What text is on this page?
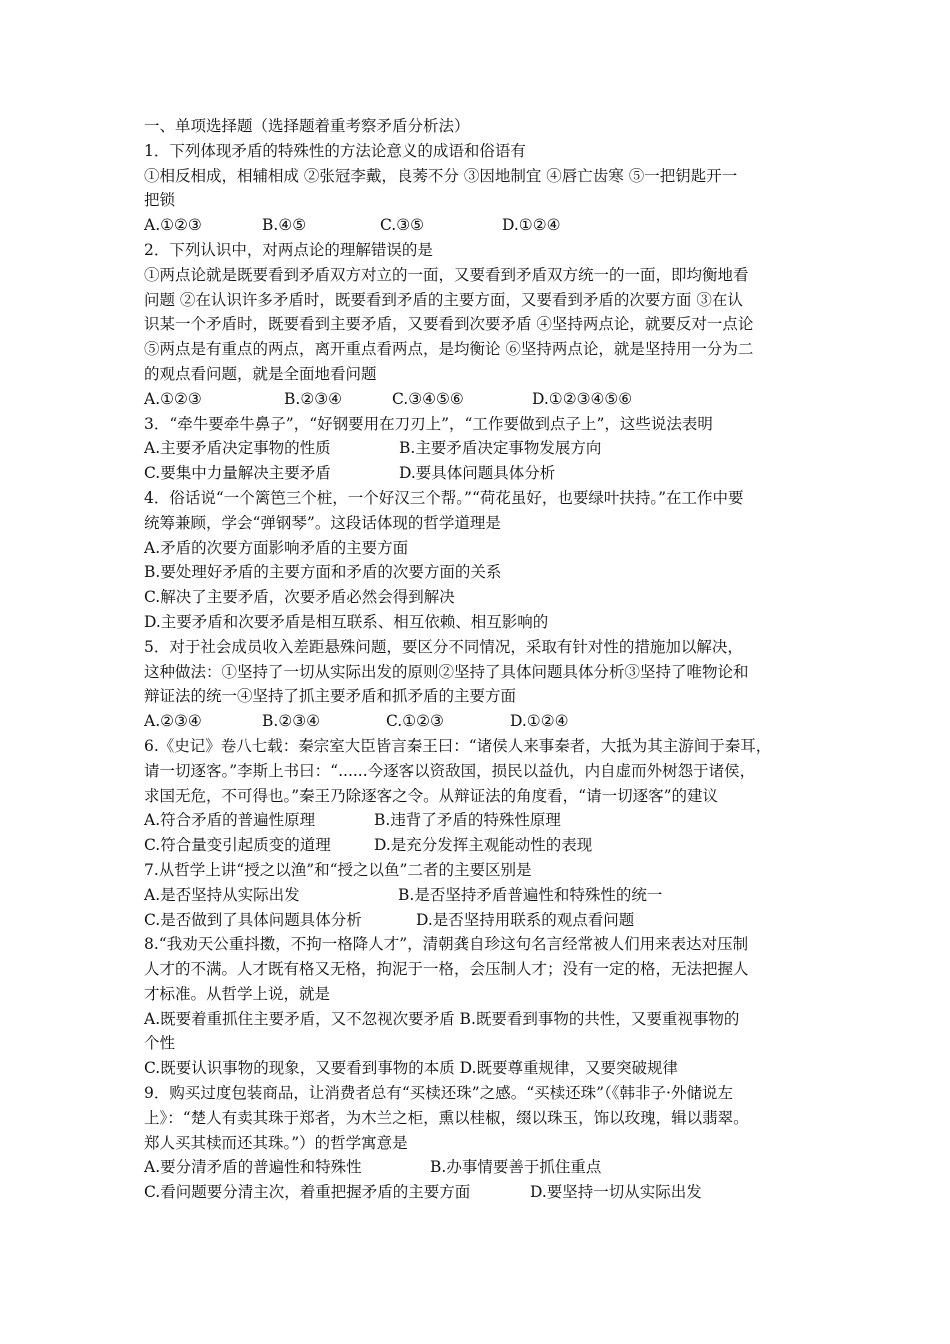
一、单项选择题（选择题着重考察矛盾分析法）
1．下列体现矛盾的特殊性的方法论意义的成语和俗语有
①相反相成，相辅相成 ②张冠李戴，良莠不分 ③因地制宜 ④唇亡齿寒 ⑤一把钥匙开一
把锁
A.①②③	B.④⑤	C.③⑤	D.①②④
2．下列认识中，对两点论的理解错误的是
①两点论就是既要看到矛盾双方对立的一面，又要看到矛盾双方统一的一面，即均衡地看
问题 ②在认识许多矛盾时，既要看到矛盾的主要方面，又要看到矛盾的次要方面 ③在认
识某一个矛盾时，既要看到主要矛盾，又要看到次要矛盾 ④坚持两点论，就要反对一点论
⑤两点是有重点的两点，离开重点看两点，是均衡论 ⑥坚持两点论，就是坚持用一分为二
的观点看问题，就是全面地看问题
A.①②③	B.②③④	C.③④⑤⑥	D.①②③④⑤⑥
3．“牵牛要牵牛鼻子”，“好钢要用在刀刃上”，“工作要做到点子上”，这些说法表明
A.主要矛盾决定事物的性质	B.主要矛盾决定事物发展方向
C.要集中力量解决主要矛盾	D.要具体问题具体分析
4．俗话说“一个篱笆三个桩，一个好汉三个帮。”“荷花虽好，也要绿叶扶持。”在工作中要
统筹兼顾，学会“弹钢琴”。这段话体现的哲学道理是
A.矛盾的次要方面影响矛盾的主要方面
B.要处理好矛盾的主要方面和矛盾的次要方面的关系
C.解决了主要矛盾，次要矛盾必然会得到解决
D.主要矛盾和次要矛盾是相互联系、相互依赖、相互影响的
5．对于社会成员收入差距悬殊问题，要区分不同情况，采取有针对性的措施加以解决，
这种做法：①坚持了一切从实际出发的原则②坚持了具体问题具体分析③坚持了唯物论和
辩证法的统一④坚持了抓主要矛盾和抓矛盾的主要方面
A.②③④	B.②③④	C.①②③	D.①②④
6.《史记》卷八七载：秦宗室大臣皆言秦王曰：“诸侯人来事秦者，大抵为其主游间于秦耳，
请一切逐客。”李斯上书曰：“......今逐客以资敌国，损民以益仇，内自虚而外树怨于诸侯，
求国无危，不可得也。”秦王乃除逐客之令。从辩证法的角度看，“请一切逐客”的建议
A.符合矛盾的普遍性原理	B.违背了矛盾的特殊性原理
C.符合量变引起质变的道理	D.是充分发挥主观能动性的表现
7.从哲学上讲“授之以渔”和“授之以鱼”二者的主要区别是
A.是否坚持从实际出发	B.是否坚持矛盾普遍性和特殊性的统一
C.是否做到了具体问题具体分析	D.是否坚持用联系的观点看问题
8.“我劝天公重抖擞，不拘一格降人才”，清朝龚自珍这句名言经常被人们用来表达对压制
人才的不满。人才既有格又无格，拘泥于一格，会压制人才；没有一定的格，无法把握人
才标准。从哲学上说，就是
A.既要着重抓住主要矛盾，又不忽视次要矛盾 B.既要看到事物的共性，又要重视事物的
个性
C.既要认识事物的现象，又要看到事物的本质 D.既要尊重规律，又要突破规律
9．购买过度包装商品，让消费者总有“买椟还珠”之感。“买椟还珠”（《韩非子·外储说左
上》：“楚人有卖其珠于郑者，为木兰之柜，熏以桂椒，缀以珠玉，饰以玫瑰，辑以翡翠。
郑人买其椟而还其珠。”）的哲学寓意是
A.要分清矛盾的普遍性和特殊性	B.办事情要善于抓住重点
C.看问题要分清主次，着重把握矛盾的主要方面	D.要坚持一切从实际出发
